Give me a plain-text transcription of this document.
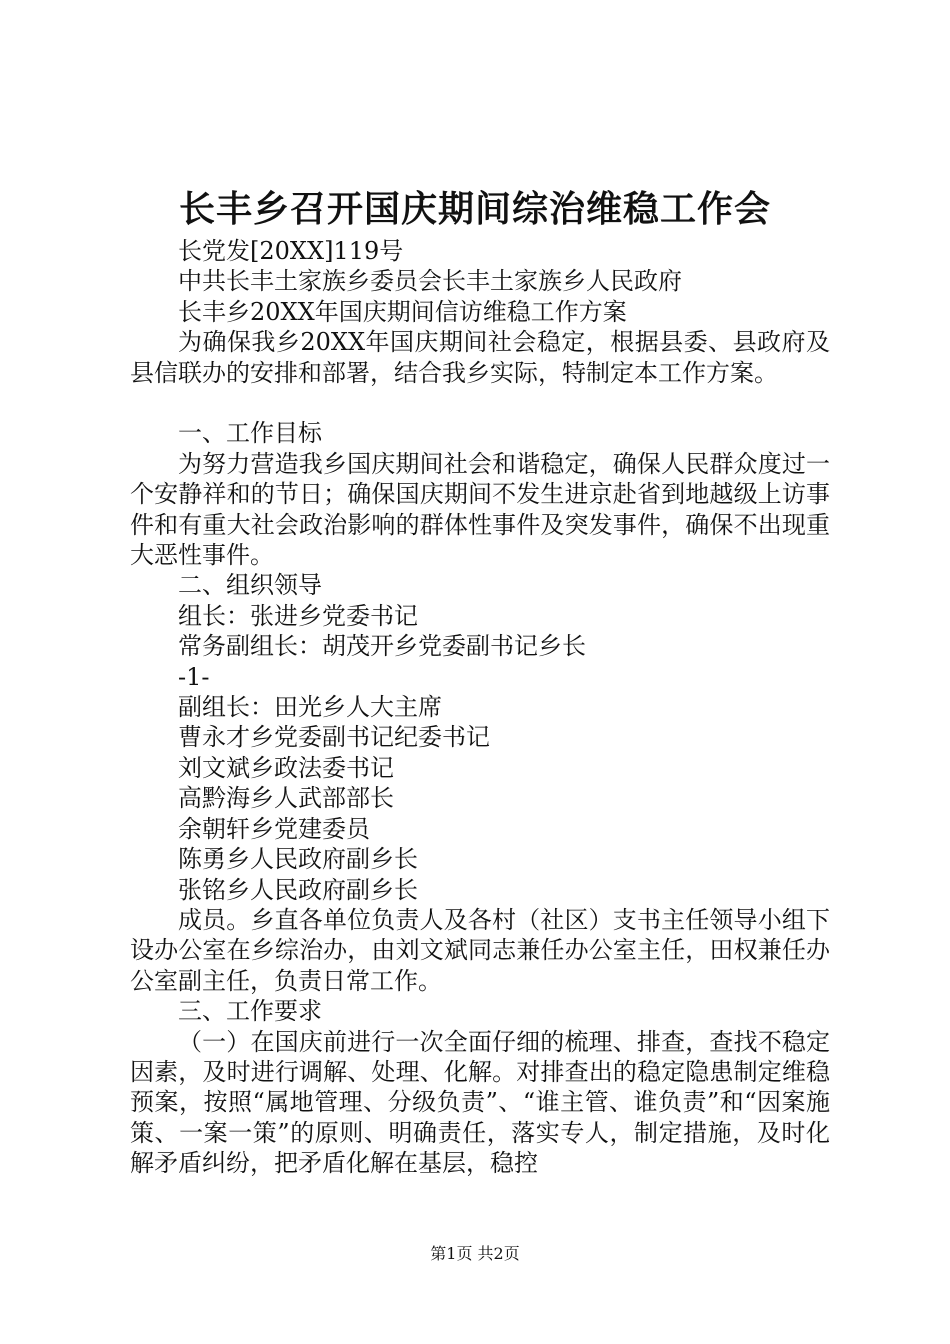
长丰乡召开国庆期间综治维稳工作会

长党发[20XX]119号

中共长丰土家族乡委员会长丰土家族乡人民政府

长丰乡20XX年国庆期间信访维稳工作方案

为确保我乡20XX年国庆期间社会稳定，根据县委、县政府及县信联办的安排和部署，结合我乡实际，特制定本工作方案。

一、工作目标

为努力营造我乡国庆期间社会和谐稳定，确保人民群众度过一个安静祥和的节日；确保国庆期间不发生进京赴省到地越级上访事件和有重大社会政治影响的群体性事件及突发事件，确保不出现重大恶性事件。

二、组织领导

组长：张进乡党委书记

常务副组长：胡茂开乡党委副书记乡长

-1-

副组长：田光乡人大主席

曹永才乡党委副书记纪委书记

刘文斌乡政法委书记

高黔海乡人武部部长

余朝轩乡党建委员

陈勇乡人民政府副乡长

张铭乡人民政府副乡长

成员。乡直各单位负责人及各村（社区）支书主任领导小组下设办公室在乡综治办，由刘文斌同志兼任办公室主任，田权兼任办公室副主任，负责日常工作。

三、工作要求

（一）在国庆前进行一次全面仔细的梳理、排查，查找不稳定因素，及时进行调解、处理、化解。对排查出的稳定隐患制定维稳预案，按照“属地管理、分级负责”、“谁主管、谁负责”和“因案施策、一案一策”的原则、明确责任，落实专人，制定措施，及时化解矛盾纠纷，把矛盾化解在基层，稳控

第1页 共2页
